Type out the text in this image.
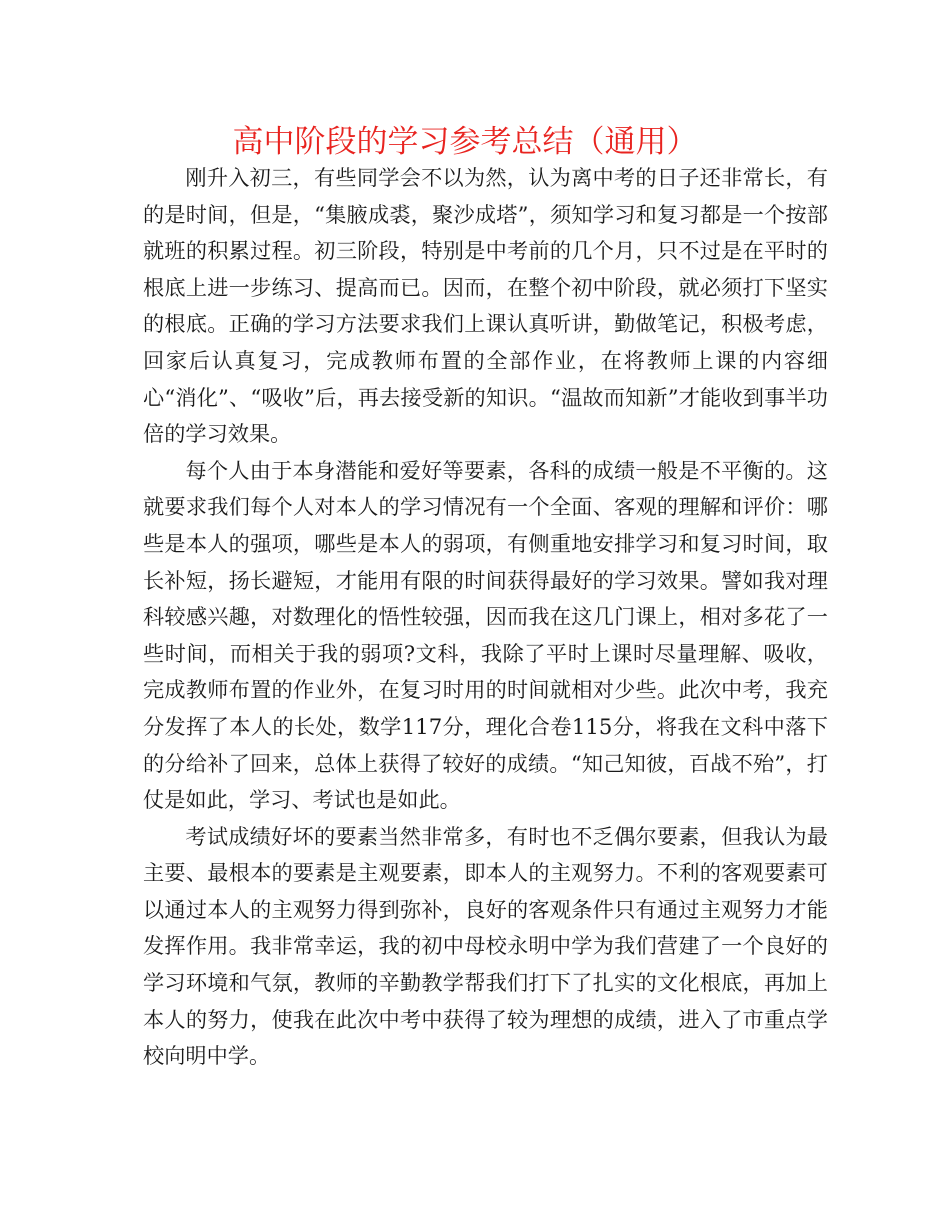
高中阶段的学习参考总结（通用）

刚升入初三，有些同学会不以为然，认为离中考的日子还非常长，有的是时间，但是，“集腋成裘，聚沙成塔”，须知学习和复习都是一个按部就班的积累过程。初三阶段，特别是中考前的几个月，只不过是在平时的根底上进一步练习、提高而已。因而，在整个初中阶段，就必须打下坚实的根底。正确的学习方法要求我们上课认真听讲，勤做笔记，积极考虑，回家后认真复习，完成教师布置的全部作业，在将教师上课的内容细心“消化”、“吸收”后，再去接受新的知识。“温故而知新”才能收到事半功倍的学习效果。

每个人由于本身潜能和爱好等要素，各科的成绩一般是不平衡的。这就要求我们每个人对本人的学习情况有一个全面、客观的理解和评价：哪些是本人的强项，哪些是本人的弱项，有侧重地安排学习和复习时间，取长补短，扬长避短，才能用有限的时间获得最好的学习效果。譬如我对理科较感兴趣，对数理化的悟性较强，因而我在这几门课上，相对多花了一些时间，而相关于我的弱项?文科，我除了平时上课时尽量理解、吸收，完成教师布置的作业外，在复习时用的时间就相对少些。此次中考，我充分发挥了本人的长处，数学117分，理化合卷115分，将我在文科中落下的分给补了回来，总体上获得了较好的成绩。“知己知彼，百战不殆”，打仗是如此，学习、考试也是如此。

考试成绩好坏的要素当然非常多，有时也不乏偶尔要素，但我认为最主要、最根本的要素是主观要素，即本人的主观努力。不利的客观要素可以通过本人的主观努力得到弥补，良好的客观条件只有通过主观努力才能发挥作用。我非常幸运，我的初中母校永明中学为我们营建了一个良好的学习环境和气氛，教师的辛勤教学帮我们打下了扎实的文化根底，再加上本人的努力，使我在此次中考中获得了较为理想的成绩，进入了市重点学校向明中学。
